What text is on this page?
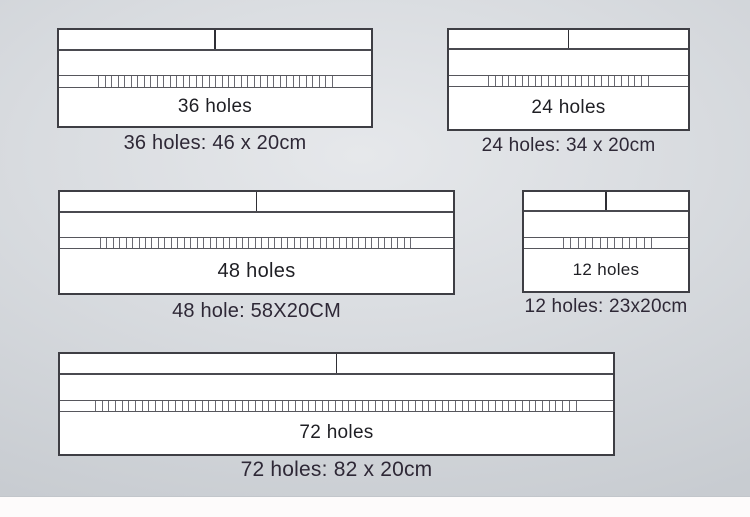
36 holes
36 holes: 46 x 20cm
24 holes
24 holes: 34 x 20cm
48 holes
48 hole: 58X20CM
12 holes
12 holes: 23x20cm
72 holes
72 holes: 82 x 20cm
